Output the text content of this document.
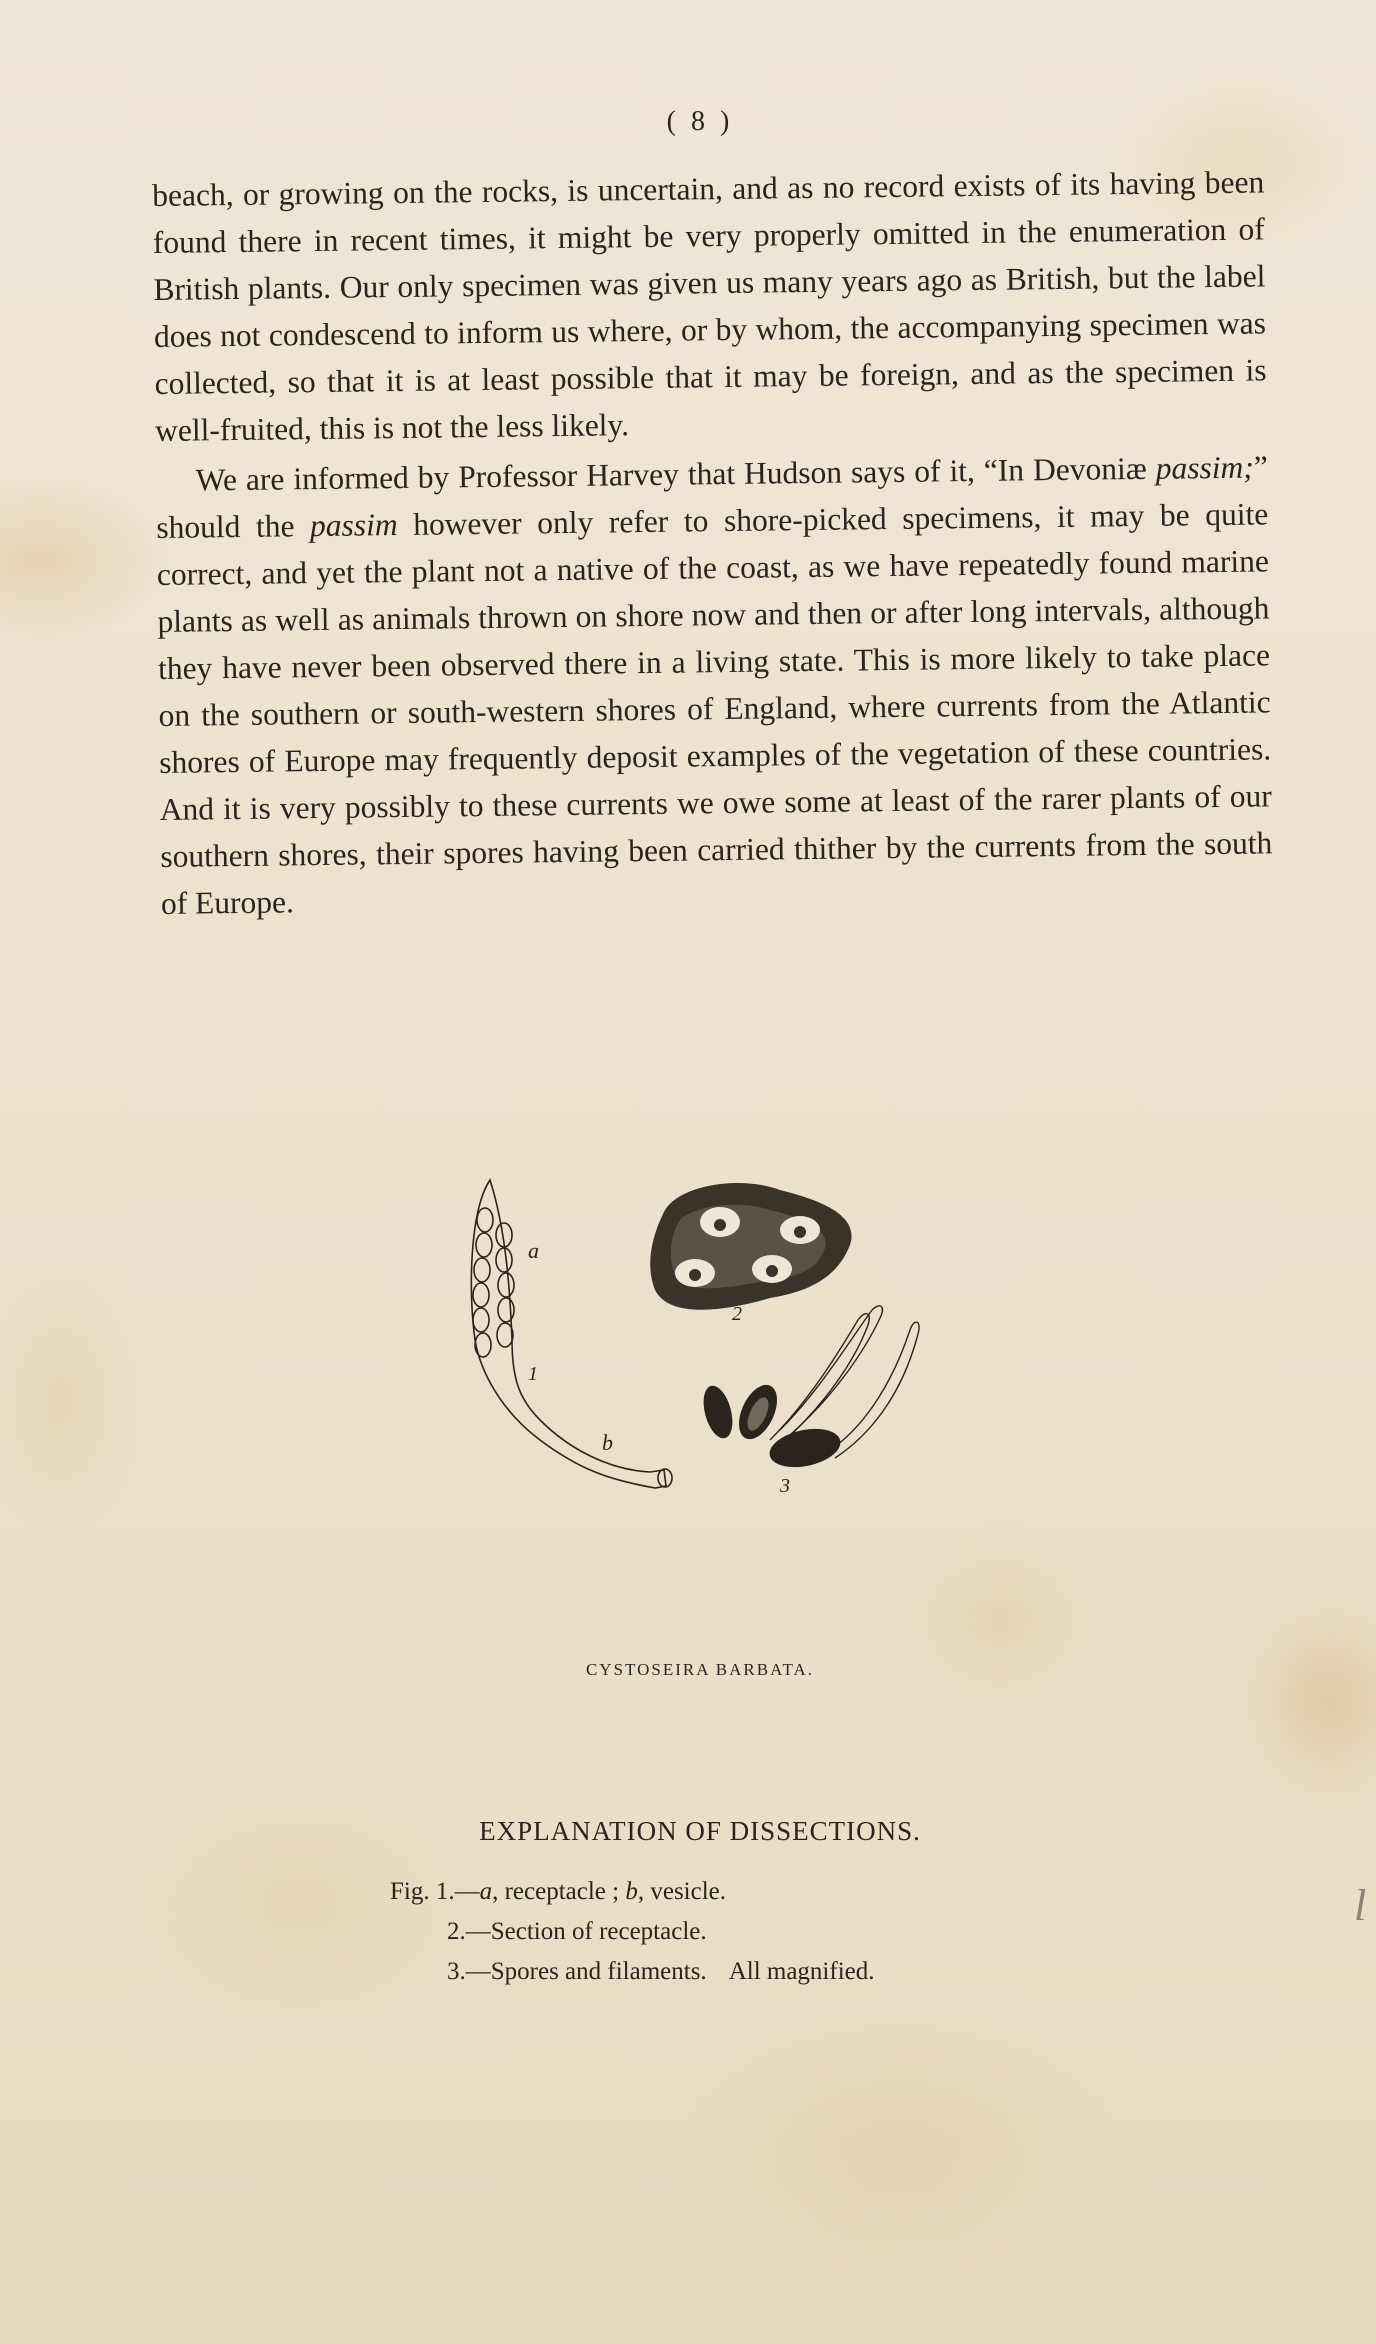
( 8 )

beach, or growing on the rocks, is uncertain, and as no record exists of its having been found there in recent times, it might be very properly omitted in the enumeration of British plants. Our only specimen was given us many years ago as British, but the label does not condescend to inform us where, or by whom, the accompanying specimen was collected, so that it is at least possible that it may be foreign, and as the specimen is well-fruited, this is not the less likely.

We are informed by Professor Harvey that Hudson says of it, “In Devoniæ passim;” should the passim however only refer to shore-picked specimens, it may be quite correct, and yet the plant not a native of the coast, as we have repeatedly found marine plants as well as animals thrown on shore now and then or after long intervals, although they have never been observed there in a living state. This is more likely to take place on the southern or south-western shores of England, where currents from the Atlantic shores of Europe may frequently deposit examples of the vegetation of these countries. And it is very possibly to these currents we owe some at least of the rarer plants of our southern shores, their spores having been carried thither by the currents from the south of Europe.

a
1
b
2
3
CYSTOSEIRA BARBATA.
EXPLANATION OF DISSECTIONS.
Fig. 1.—a, receptacle ; b, vesicle.
2.—Section of receptacle.
3.—Spores and filaments. All magnified.
l
